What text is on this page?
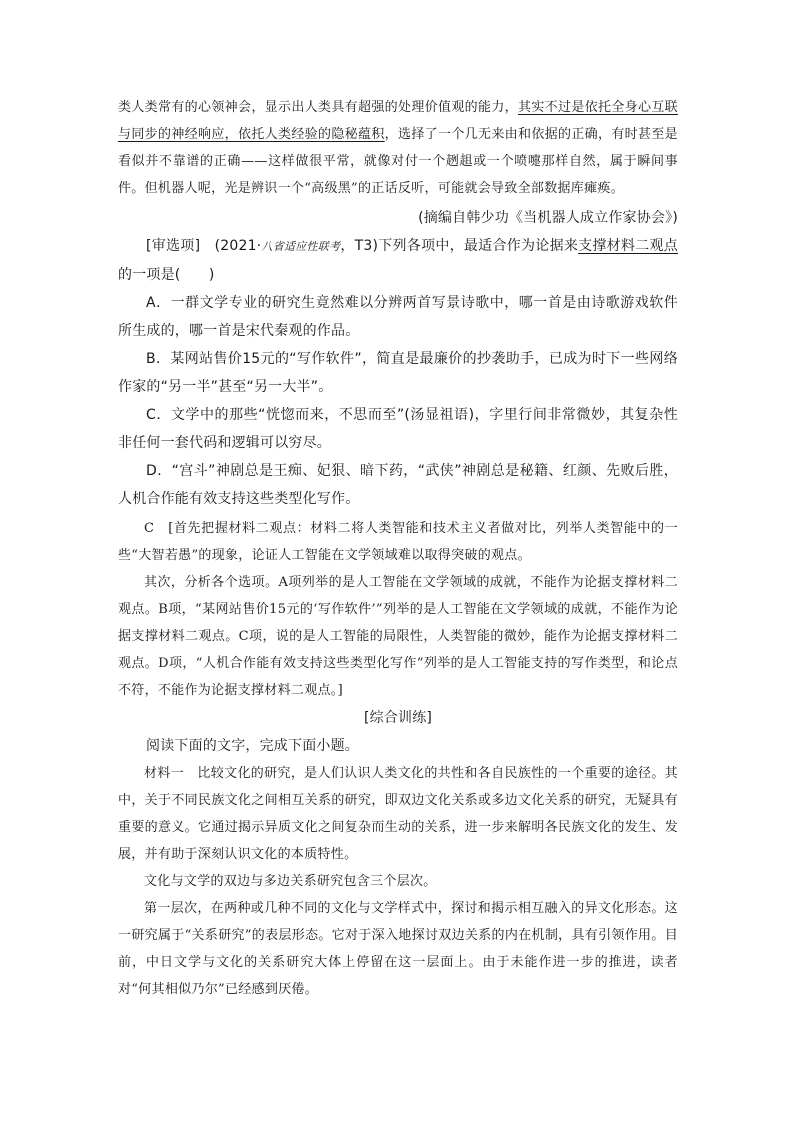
类人类常有的心领神会，显示出人类具有超强的处理价值观的能力，其实不过是依托全身心互联与同步的神经响应，依托人类经验的隐秘蕴积，选择了一个几无来由和依据的正确，有时甚至是看似并不靠谱的正确——这样做很平常，就像对付一个趔趄或一个喷嚏那样自然，属于瞬间事件。但机器人呢，光是辨识一个“高级黑”的正话反听，可能就会导致全部数据库瘫痪。

(摘编自韩少功《当机器人成立作家协会》)

[审选项]　 (2021·八省适应性联考，T3)下列各项中，最适合作为论据来支撑材料二观点的一项是(　　)

A．一群文学专业的研究生竟然难以分辨两首写景诗歌中，哪一首是由诗歌游戏软件所生成的，哪一首是宋代秦观的作品。

B．某网站售价15元的“写作软件”，简直是最廉价的抄袭助手，已成为时下一些网络作家的“另一半”甚至“另一大半”。

C．文学中的那些“恍惚而来，不思而至”(汤显祖语)，字里行间非常微妙，其复杂性非任何一套代码和逻辑可以穷尽。

D．“宫斗”神剧总是王痴、妃狠、暗下药，“武侠”神剧总是秘籍、红颜、先败后胜，人机合作能有效支持这些类型化写作。

C　[首先把握材料二观点：材料二将人类智能和技术主义者做对比，列举人类智能中的一些“大智若愚”的现象，论证人工智能在文学领域难以取得突破的观点。

其次，分析各个选项。A项列举的是人工智能在文学领域的成就，不能作为论据支撑材料二观点。B项，“某网站售价15元的‘写作软件’”列举的是人工智能在文学领域的成就，不能作为论据支撑材料二观点。C项，说的是人工智能的局限性，人类智能的微妙，能作为论据支撑材料二观点。D项，“人机合作能有效支持这些类型化写作”列举的是人工智能支持的写作类型，和论点不符，不能作为论据支撑材料二观点。]

[综合训练]

阅读下面的文字，完成下面小题。

材料一　比较文化的研究，是人们认识人类文化的共性和各自民族性的一个重要的途径。其中，关于不同民族文化之间相互关系的研究，即双边文化关系或多边文化关系的研究，无疑具有重要的意义。它通过揭示异质文化之间复杂而生动的关系，进一步来解明各民族文化的发生、发展，并有助于深刻认识文化的本质特性。

文化与文学的双边与多边关系研究包含三个层次。

第一层次，在两种或几种不同的文化与文学样式中，探讨和揭示相互融入的异文化形态。这一研究属于“关系研究”的表层形态。它对于深入地探讨双边关系的内在机制，具有引领作用。目前，中日文学与文化的关系研究大体上停留在这一层面上。由于未能作进一步的推进，读者对“何其相似乃尔”已经感到厌倦。
